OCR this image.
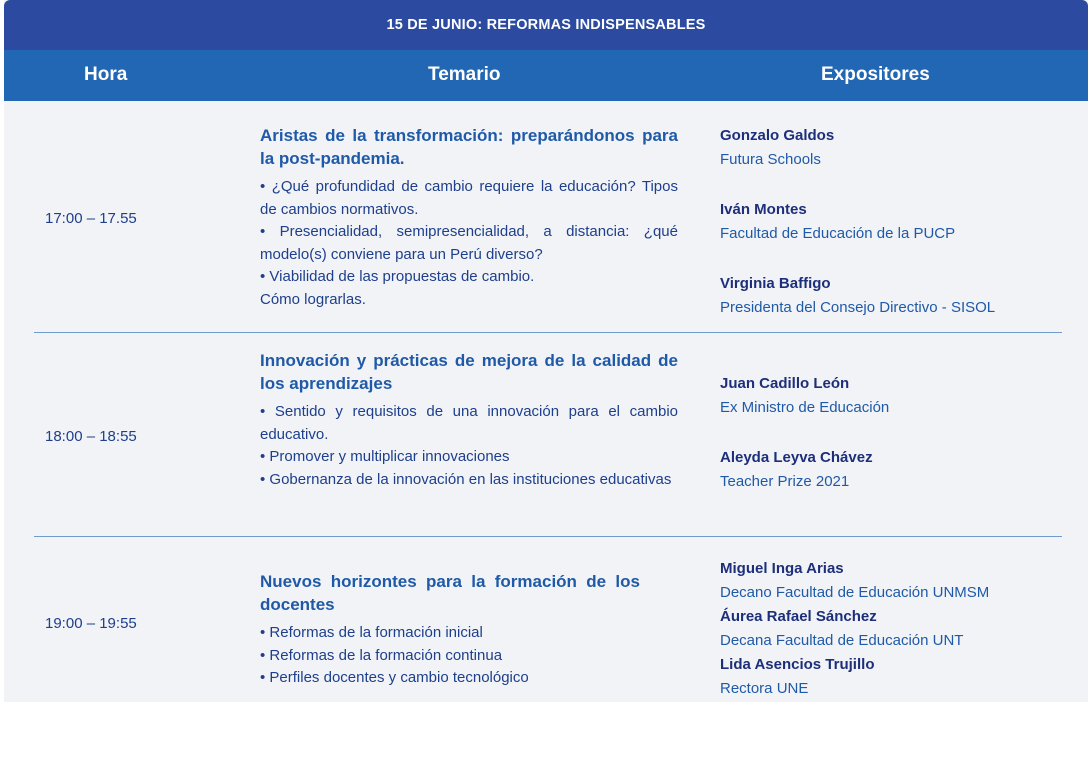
15 DE JUNIO: REFORMAS INDISPENSABLES
Hora	Temario	Expositores
17:00 – 17.55
Aristas de la transformación: preparándonos para la post-pandemia.
• ¿Qué profundidad de cambio requiere la educación? Tipos de cambios normativos.
• Presencialidad, semipresencialidad, a distancia: ¿qué modelo(s) conviene para un Perú diverso?
• Viabilidad de las propuestas de cambio.
Cómo lograrlas.
Gonzalo Galdos
Futura Schools
Iván Montes
Facultad de Educación de la PUCP
Virginia Baffigo
Presidenta del Consejo Directivo - SISOL
18:00 – 18:55
Innovación y prácticas de mejora de la calidad de los aprendizajes
• Sentido y requisitos de una innovación para el cambio educativo.
• Promover y multiplicar innovaciones
• Gobernanza de la innovación en las instituciones educativas
Juan Cadillo León
Ex Ministro de Educación
Aleyda Leyva Chávez
Teacher Prize 2021
19:00 – 19:55
Nuevos horizontes para la formación de los docentes
• Reformas de la formación inicial
• Reformas de la formación continua
• Perfiles docentes y cambio tecnológico
Miguel Inga Arias
Decano Facultad de Educación UNMSM
Áurea Rafael Sánchez
Decana Facultad de Educación UNT
Lida Asencios Trujillo
Rectora UNE
